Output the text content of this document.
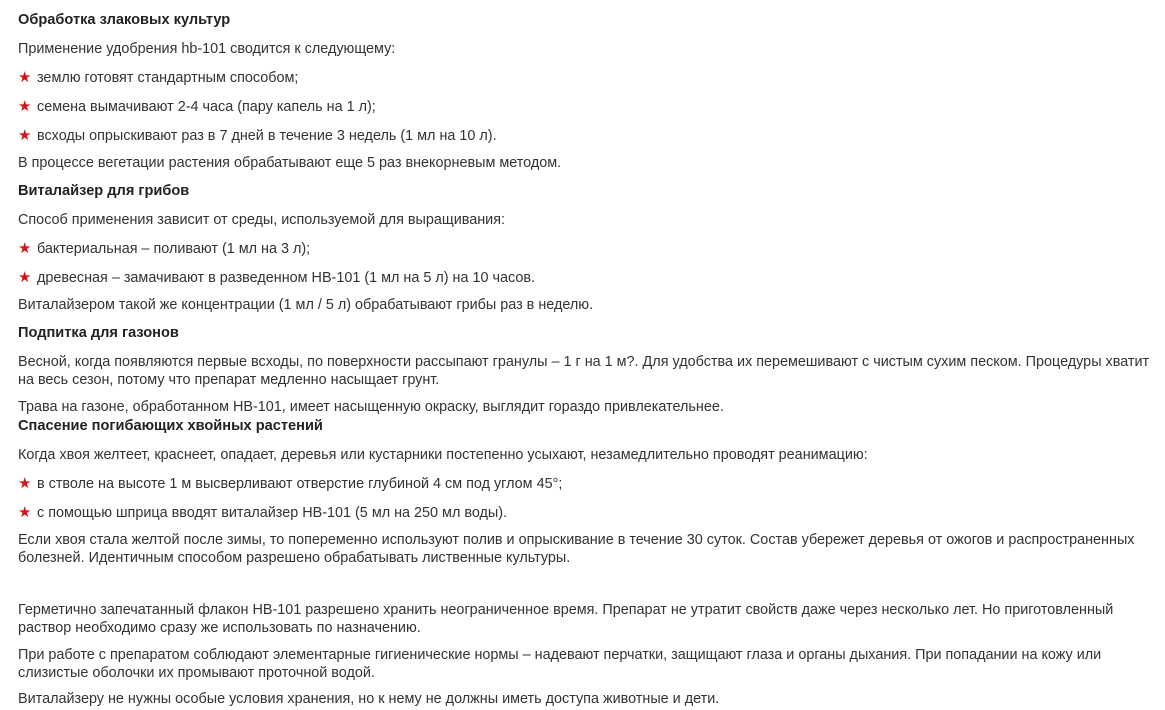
Обработка злаковых культур

Применение удобрения hb-101 сводится к следующему:

★ землю готовят стандартным способом;
★ семена вымачивают 2-4 часа (пару капель на 1 л);
★ всходы опрыскивают раз в 7 дней в течение 3 недель (1 мл на 10 л).

В процессе вегетации растения обрабатывают еще 5 раз внекорневым методом.

Виталайзер для грибов

Способ применения зависит от среды, используемой для выращивания:

★ бактериальная – поливают (1 мл на 3 л);
★ древесная – замачивают в разведенном НВ-101 (1 мл на 5 л) на 10 часов.

Виталайзером такой же концентрации (1 мл / 5 л) обрабатывают грибы раз в неделю.

Подпитка для газонов

Весной, когда появляются первые всходы, по поверхности рассыпают гранулы – 1 г на 1 м?. Для удобства их перемешивают с чистым сухим песком. Процедуры хватит на весь сезон, потому что препарат медленно насыщает грунт.

Трава на газоне, обработанном НВ-101, имеет насыщенную окраску, выглядит гораздо привлекательнее.

Спасение погибающих хвойных растений

Когда хвоя желтеет, краснеет, опадает, деревья или кустарники постепенно усыхают, незамедлительно проводят реанимацию:

★ в стволе на высоте 1 м высверливают отверстие глубиной 4 см под углом 45°;
★ с помощью шприца вводят виталайзер НВ-101 (5 мл на 250 мл воды).

Если хвоя стала желтой после зимы, то попеременно используют полив и опрыскивание в течение 30 суток. Состав убережет деревья от ожогов и распространенных болезней. Идентичным способом разрешено обрабатывать лиственные культуры.

Герметично запечатанный флакон НВ-101 разрешено хранить неограниченное время. Препарат не утратит свойств даже через несколько лет. Но приготовленный раствор необходимо сразу же использовать по назначению.

При работе с препаратом соблюдают элементарные гигиенические нормы – надевают перчатки, защищают глаза и органы дыхания. При попадании на кожу или слизистые оболочки их промывают проточной водой.

Виталайзеру не нужны особые условия хранения, но к нему не должны иметь доступа животные и дети.
